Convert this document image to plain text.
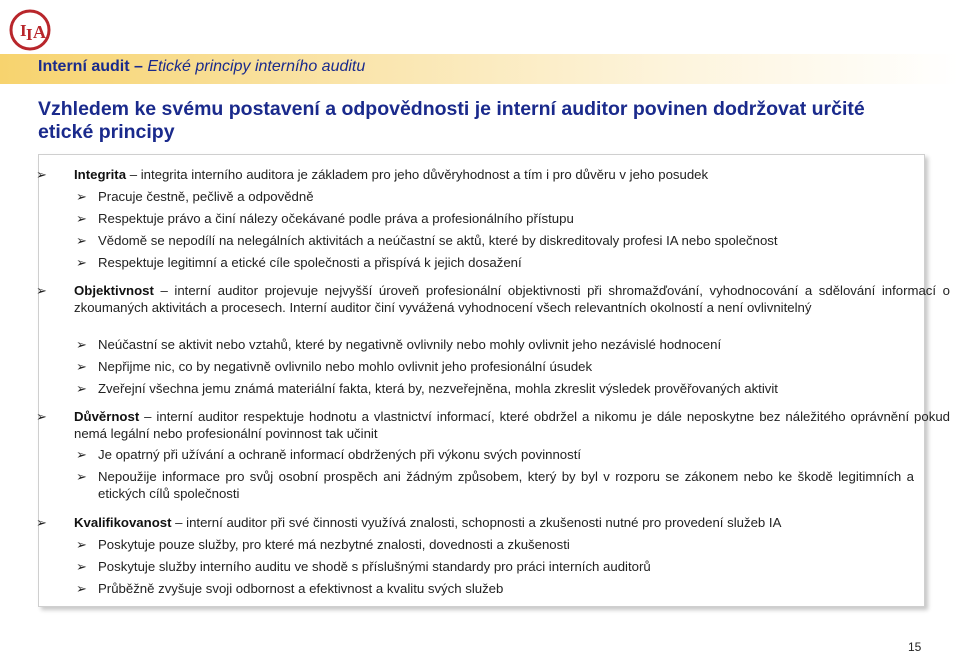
I I A
Interní audit – Etické principy interního auditu
Vzhledem ke svému postavení a odpovědnosti je interní auditor povinen dodržovat určité etické principy
➢ Integrita – integrita interního auditora je základem pro jeho důvěryhodnost a tím i pro důvěru v jeho posudek
➢ Pracuje čestně, pečlivě a odpovědně
➢ Respektuje právo a činí nálezy očekávané podle práva a profesionálního přístupu
➢ Vědomě se nepodílí na nelegálních aktivitách a neúčastní se aktů, které by diskreditovaly profesi IA nebo společnost
➢ Respektuje legitimní a etické cíle společnosti a přispívá k jejich dosažení
➢ Objektivnost – interní auditor projevuje nejvyšší úroveň profesionální objektivnosti při shromažďování, vyhodnocování a sdělování informací o zkoumaných aktivitách a procesech. Interní auditor činí vyvážená vyhodnocení všech relevantních okolností a není ovlivnitelný
➢ Neúčastní se aktivit nebo vztahů, které by negativně ovlivnily nebo mohly ovlivnit jeho nezávislé hodnocení
➢ Nepřijme nic, co by negativně ovlivnilo nebo mohlo ovlivnit jeho profesionální úsudek
➢ Zveřejní všechna jemu známá materiální fakta, která by, nezveřejněna, mohla zkreslit výsledek prověřovaných aktivit
➢ Důvěrnost – interní auditor respektuje hodnotu a vlastnictví informací, které obdržel a nikomu je dále neposkytne bez náležitého oprávnění pokud nemá legální nebo profesionální povinnost tak učinit
➢ Je opatrný při užívání a ochraně informací obdržených při výkonu svých povinností
➢ Nepoužije informace pro svůj osobní prospěch ani žádným způsobem, který by byl v rozporu se zákonem nebo ke škodě legitimních a etických cílů společnosti
➢ Kvalifikovanost – interní auditor při své činnosti využívá znalosti, schopnosti a zkušenosti nutné pro provedení služeb IA
➢ Poskytuje pouze služby, pro které má nezbytné znalosti, dovednosti a zkušenosti
➢ Poskytuje služby interního auditu ve shodě s příslušnými standardy pro práci interních auditorů
➢ Průběžně zvyšuje svoji odbornost a efektivnost a kvalitu svých služeb
15
